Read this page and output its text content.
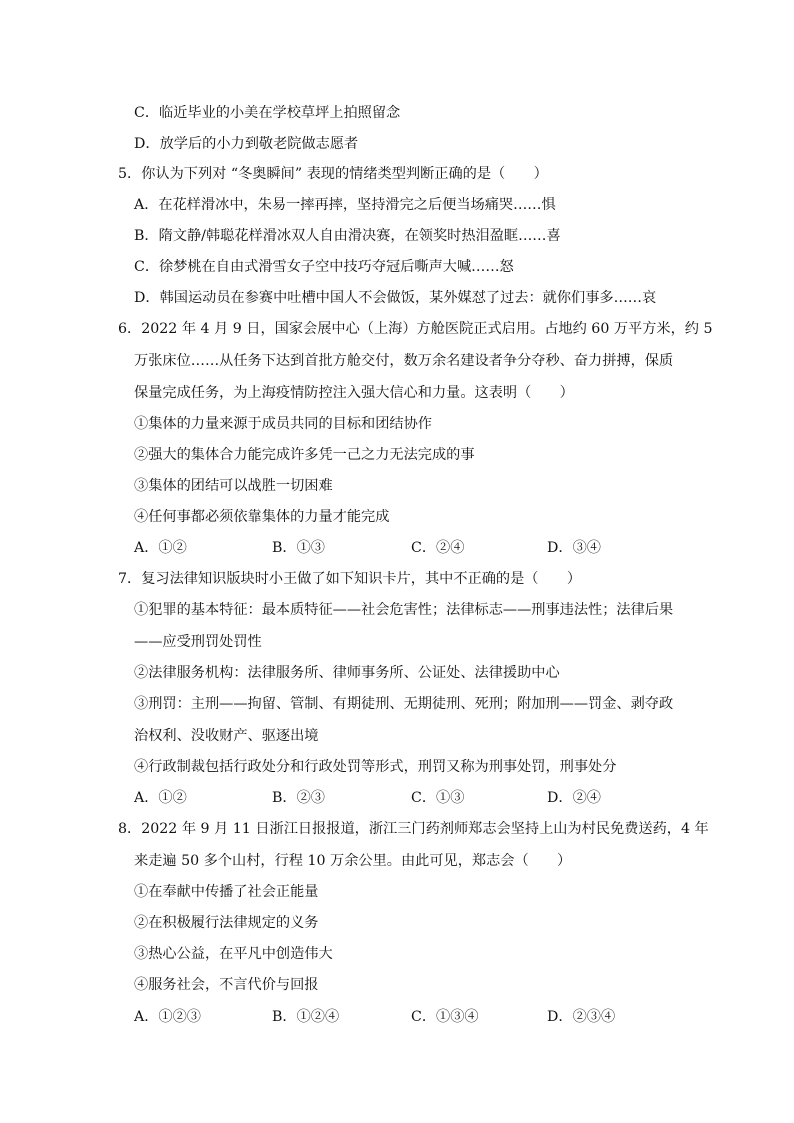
C．临近毕业的小美在学校草坪上拍照留念
D．放学后的小力到敬老院做志愿者
5．你认为下列对 “冬奥瞬间” 表现的情绪类型判断正确的是（　　）
A．在花样滑冰中，朱易一摔再摔，坚持滑完之后便当场痛哭……惧
B．隋文静/韩聪花样滑冰双人自由滑决赛，在领奖时热泪盈眶……喜
C．徐梦桃在自由式滑雪女子空中技巧夺冠后嘶声大喊……怒
D．韩国运动员在参赛中吐槽中国人不会做饭，某外媒怼了过去：就你们事多……哀
6．2022 年 4 月 9 日，国家会展中心（上海）方舱医院正式启用。占地约 60 万平方米，约 5
万张床位……从任务下达到首批方舱交付，数万余名建设者争分夺秒、奋力拼搏，保质
保量完成任务，为上海疫情防控注入强大信心和力量。这表明（　　）
①集体的力量来源于成员共同的目标和团结协作
②强大的集体合力能完成许多凭一己之力无法完成的事
③集体的团结可以战胜一切困难
④任何事都必须依靠集体的力量才能完成
A．①②	B．①③	C．②④	D．③④
7．复习法律知识版块时小王做了如下知识卡片，其中不正确的是（　　）
①犯罪的基本特征：最本质特征——社会危害性；法律标志——刑事违法性；法律后果
——应受刑罚处罚性
②法律服务机构：法律服务所、律师事务所、公证处、法律援助中心
③刑罚：主刑——拘留、管制、有期徒刑、无期徒刑、死刑；附加刑——罚金、剥夺政
治权利、没收财产、驱逐出境
④行政制裁包括行政处分和行政处罚等形式，刑罚又称为刑事处罚，刑事处分
A．①②	B．②③	C．①③	D．②④
8．2022 年 9 月 11 日浙江日报报道，浙江三门药剂师郑志会坚持上山为村民免费送药，4 年
来走遍 50 多个山村，行程 10 万余公里。由此可见，郑志会（　　）
①在奉献中传播了社会正能量
②在积极履行法律规定的义务
③热心公益，在平凡中创造伟大
④服务社会，不言代价与回报
A．①②③	B．①②④	C．①③④	D．②③④
